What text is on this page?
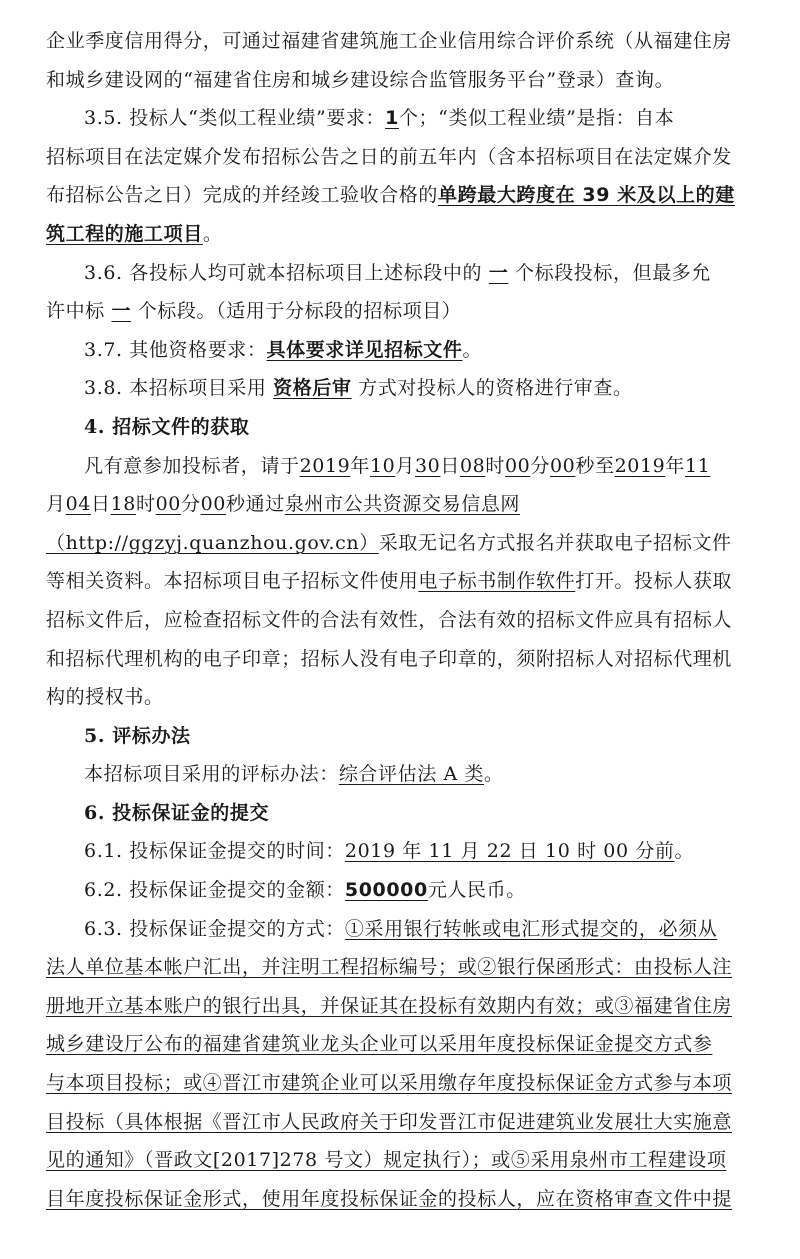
企业季度信用得分，可通过福建省建筑施工企业信用综合评价系统（从福建住房
和城乡建设网的“福建省住房和城乡建设综合监管服务平台”登录）查询。
3.5. 投标人“类似工程业绩”要求：1个；“类似工程业绩”是指：自本
招标项目在法定媒介发布招标公告之日的前五年内（含本招标项目在法定媒介发
布招标公告之日）完成的并经竣工验收合格的单跨最大跨度在 39 米及以上的建
筑工程的施工项目。
3.6. 各投标人均可就本招标项目上述标段中的 一 个标段投标，但最多允
许中标 一 个标段。（适用于分标段的招标项目）
3.7. 其他资格要求：具体要求详见招标文件。
3.8. 本招标项目采用 资格后审 方式对投标人的资格进行审查。
4. 招标文件的获取
凡有意参加投标者，请于2019年10月30日08时00分00秒至2019年11
月04日18时00分00秒通过泉州市公共资源交易信息网
（http://ggzyj.quanzhou.gov.cn）采取无记名方式报名并获取电子招标文件
等相关资料。本招标项目电子招标文件使用电子标书制作软件打开。投标人获取
招标文件后，应检查招标文件的合法有效性，合法有效的招标文件应具有招标人
和招标代理机构的电子印章；招标人没有电子印章的，须附招标人对招标代理机
构的授权书。
5. 评标办法
本招标项目采用的评标办法：综合评估法 A 类。
6. 投标保证金的提交
6.1. 投标保证金提交的时间：2019 年 11 月 22 日 10 时 00 分前。
6.2. 投标保证金提交的金额：500000元人民币。
6.3. 投标保证金提交的方式：①采用银行转帐或电汇形式提交的，必须从
法人单位基本帐户汇出，并注明工程招标编号；或②银行保函形式：由投标人注
册地开立基本账户的银行出具，并保证其在投标有效期内有效；或③福建省住房
城乡建设厅公布的福建省建筑业龙头企业可以采用年度投标保证金提交方式参
与本项目投标；或④晋江市建筑企业可以采用缴存年度投标保证金方式参与本项
目投标（具体根据《晋江市人民政府关于印发晋江市促进建筑业发展壮大实施意
见的通知》（晋政文[2017]278 号文）规定执行）；或⑤采用泉州市工程建设项
目年度投标保证金形式，使用年度投标保证金的投标人，应在资格审查文件中提
